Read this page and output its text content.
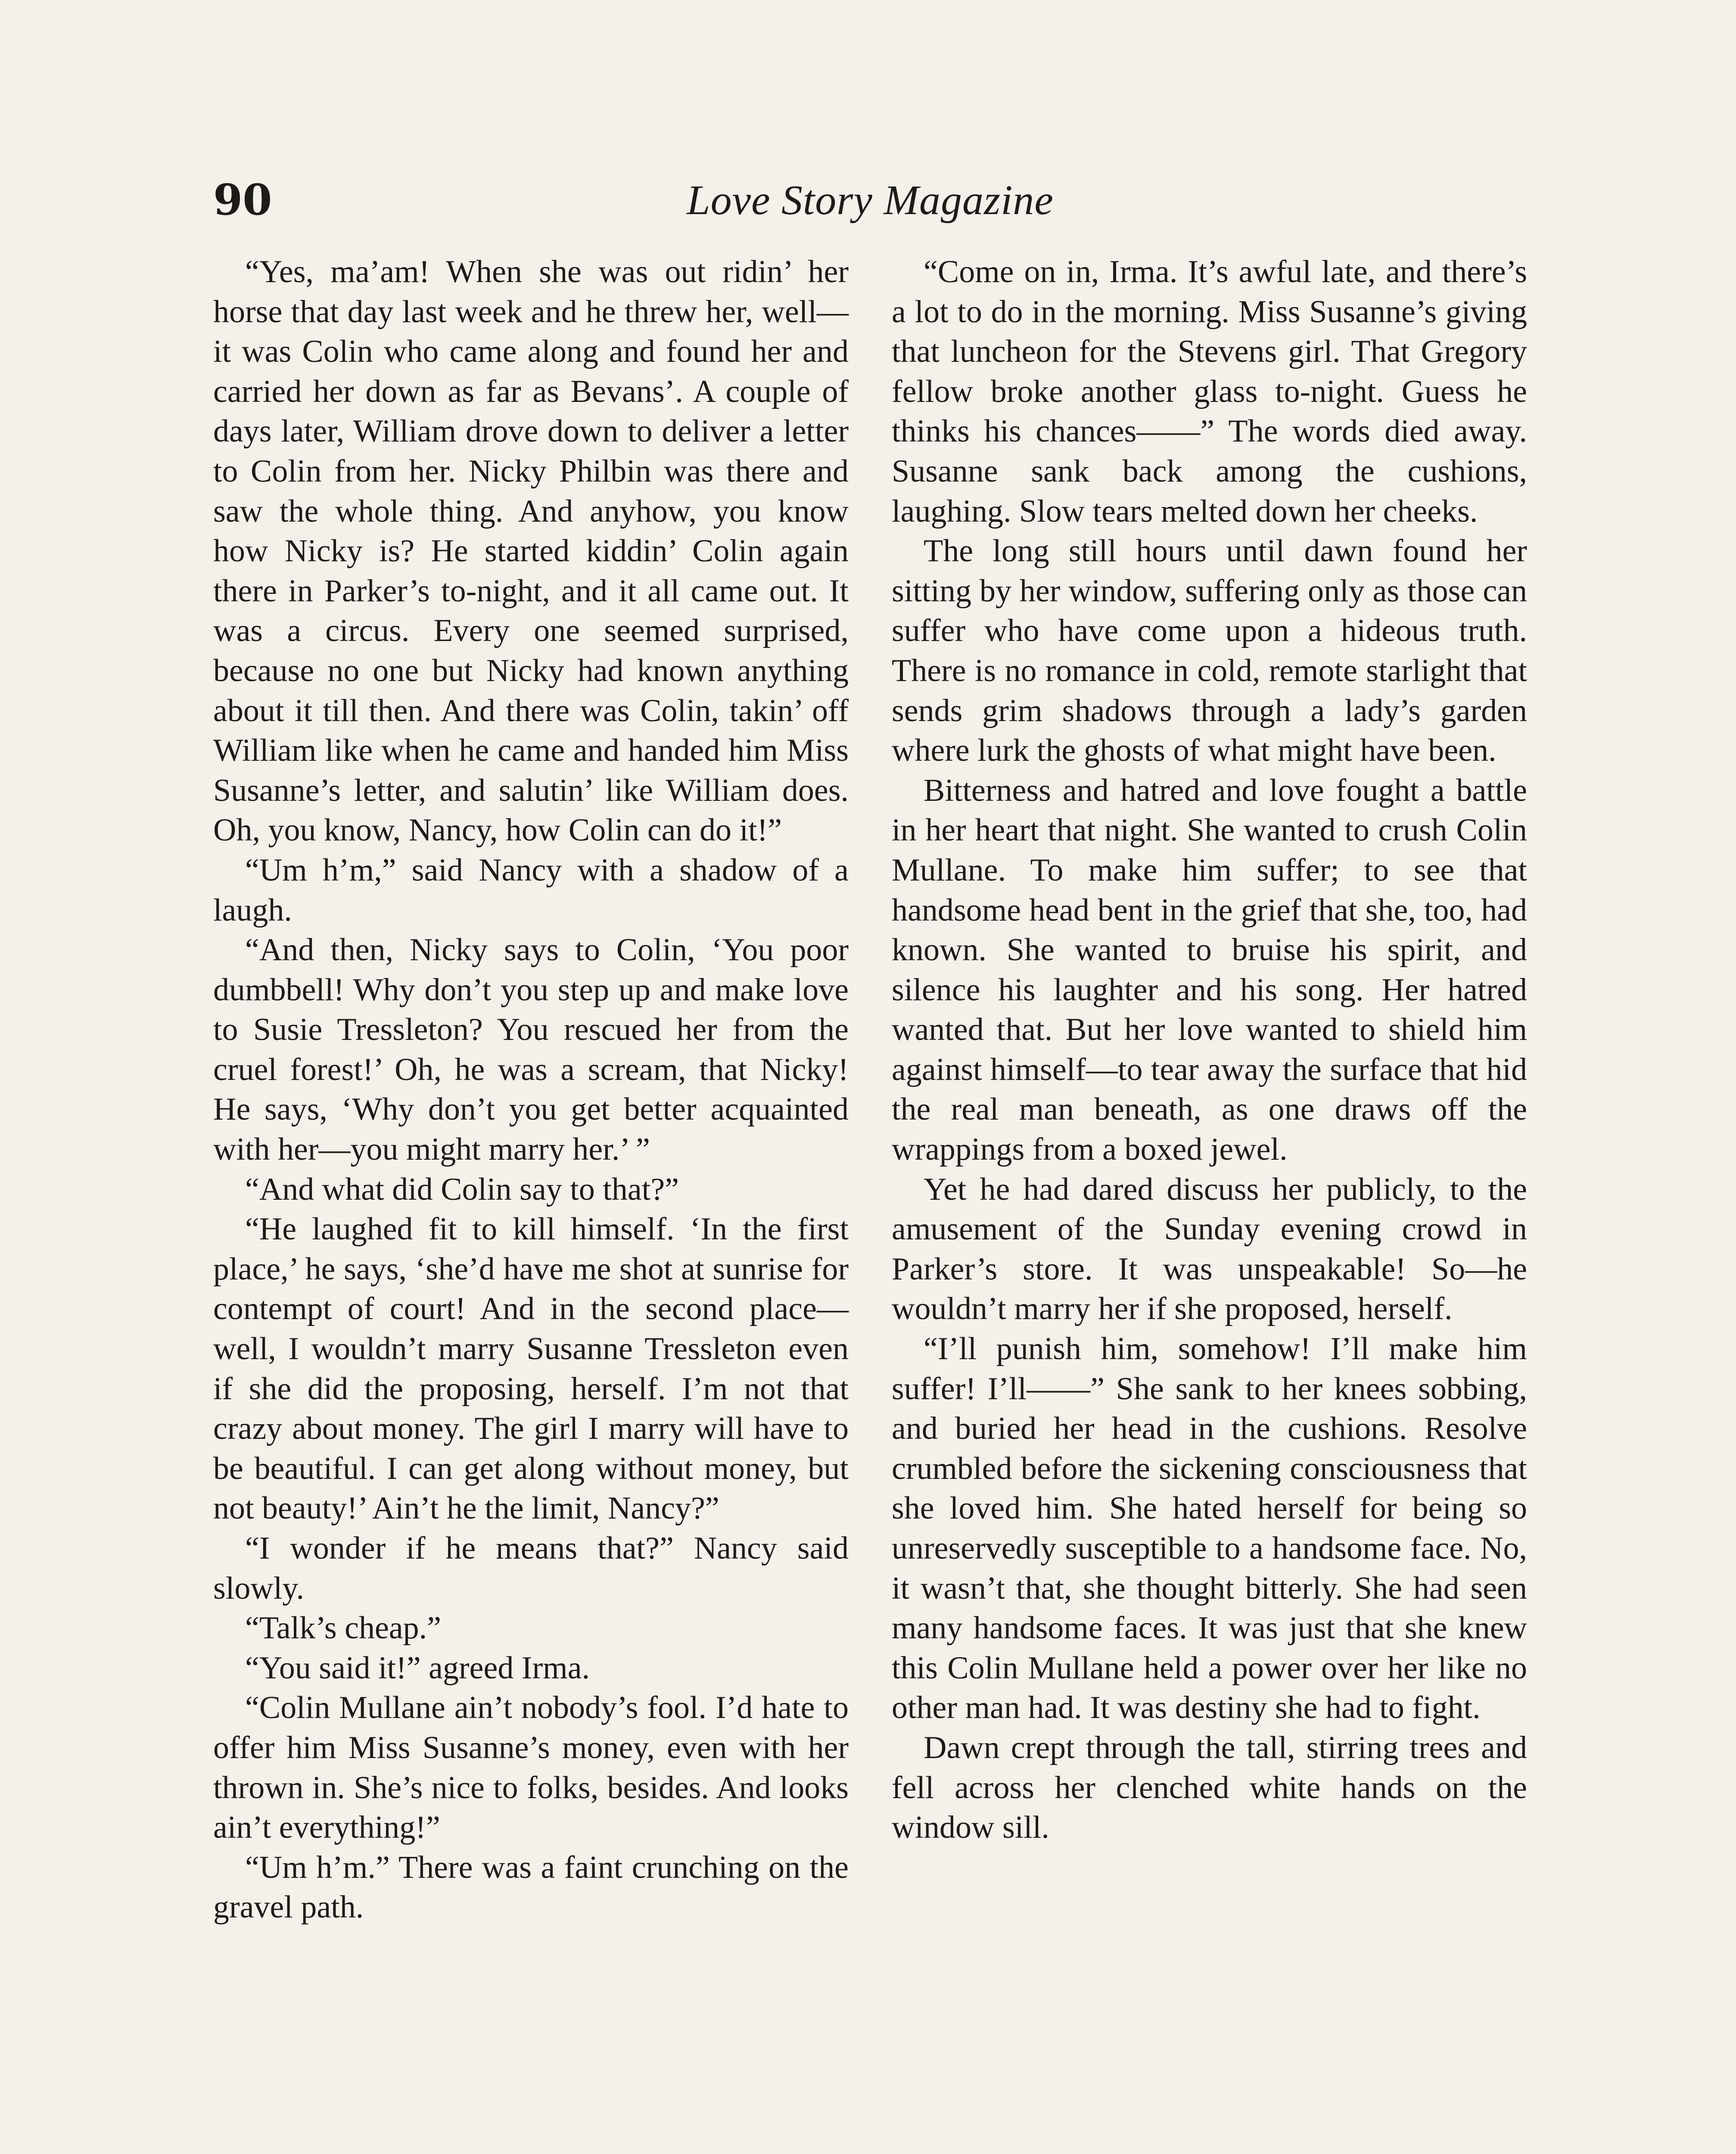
90	Love Story Magazine

“Yes, ma’am! When she was out ridin’ her horse that day last week and he threw her, well—it was Colin who came along and found her and carried her down as far as Bevans’. A couple of days later, William drove down to deliver a letter to Colin from her. Nicky Philbin was there and saw the whole thing. And anyhow, you know how Nicky is? He started kiddin’ Colin again there in Parker’s to-night, and it all came out. It was a circus. Every one seemed surprised, because no one but Nicky had known anything about it till then. And there was Colin, takin’ off William like when he came and handed him Miss Susanne’s letter, and salutin’ like William does. Oh, you know, Nancy, how Colin can do it!”

“Um h’m,” said Nancy with a shadow of a laugh.

“And then, Nicky says to Colin, ‘You poor dumbbell! Why don’t you step up and make love to Susie Tressleton? You rescued her from the cruel forest!’ Oh, he was a scream, that Nicky! He says, ‘Why don’t you get better acquainted with her—you might marry her.’ ”

“And what did Colin say to that?”

“He laughed fit to kill himself. ‘In the first place,’ he says, ‘she’d have me shot at sunrise for contempt of court! And in the second place—well, I wouldn’t marry Susanne Tressleton even if she did the proposing, herself. I’m not that crazy about money. The girl I marry will have to be beautiful. I can get along without money, but not beauty!’ Ain’t he the limit, Nancy?”

“I wonder if he means that?” Nancy said slowly.

“Talk’s cheap.”

“You said it!” agreed Irma.

“Colin Mullane ain’t nobody’s fool. I’d hate to offer him Miss Susanne’s money, even with her thrown in. She’s nice to folks, besides. And looks ain’t everything!”

“Um h’m.” There was a faint crunching on the gravel path.

“Come on in, Irma. It’s awful late, and there’s a lot to do in the morning. Miss Susanne’s giving that luncheon for the Stevens girl. That Gregory fellow broke another glass to-night. Guess he thinks his chances——” The words died away. Susanne sank back among the cushions, laughing. Slow tears melted down her cheeks.

The long still hours until dawn found her sitting by her window, suffering only as those can suffer who have come upon a hideous truth. There is no romance in cold, remote starlight that sends grim shadows through a lady’s garden where lurk the ghosts of what might have been.

Bitterness and hatred and love fought a battle in her heart that night. She wanted to crush Colin Mullane. To make him suffer; to see that handsome head bent in the grief that she, too, had known. She wanted to bruise his spirit, and silence his laughter and his song. Her hatred wanted that. But her love wanted to shield him against himself—to tear away the surface that hid the real man beneath, as one draws off the wrappings from a boxed jewel.

Yet he had dared discuss her publicly, to the amusement of the Sunday evening crowd in Parker’s store. It was unspeakable! So—he wouldn’t marry her if she proposed, herself.

“I’ll punish him, somehow! I’ll make him suffer! I’ll——” She sank to her knees sobbing, and buried her head in the cushions. Resolve crumbled before the sickening consciousness that she loved him. She hated herself for being so unreservedly susceptible to a handsome face. No, it wasn’t that, she thought bitterly. She had seen many handsome faces. It was just that she knew this Colin Mullane held a power over her like no other man had. It was destiny she had to fight.

Dawn crept through the tall, stirring trees and fell across her clenched white hands on the window sill.
